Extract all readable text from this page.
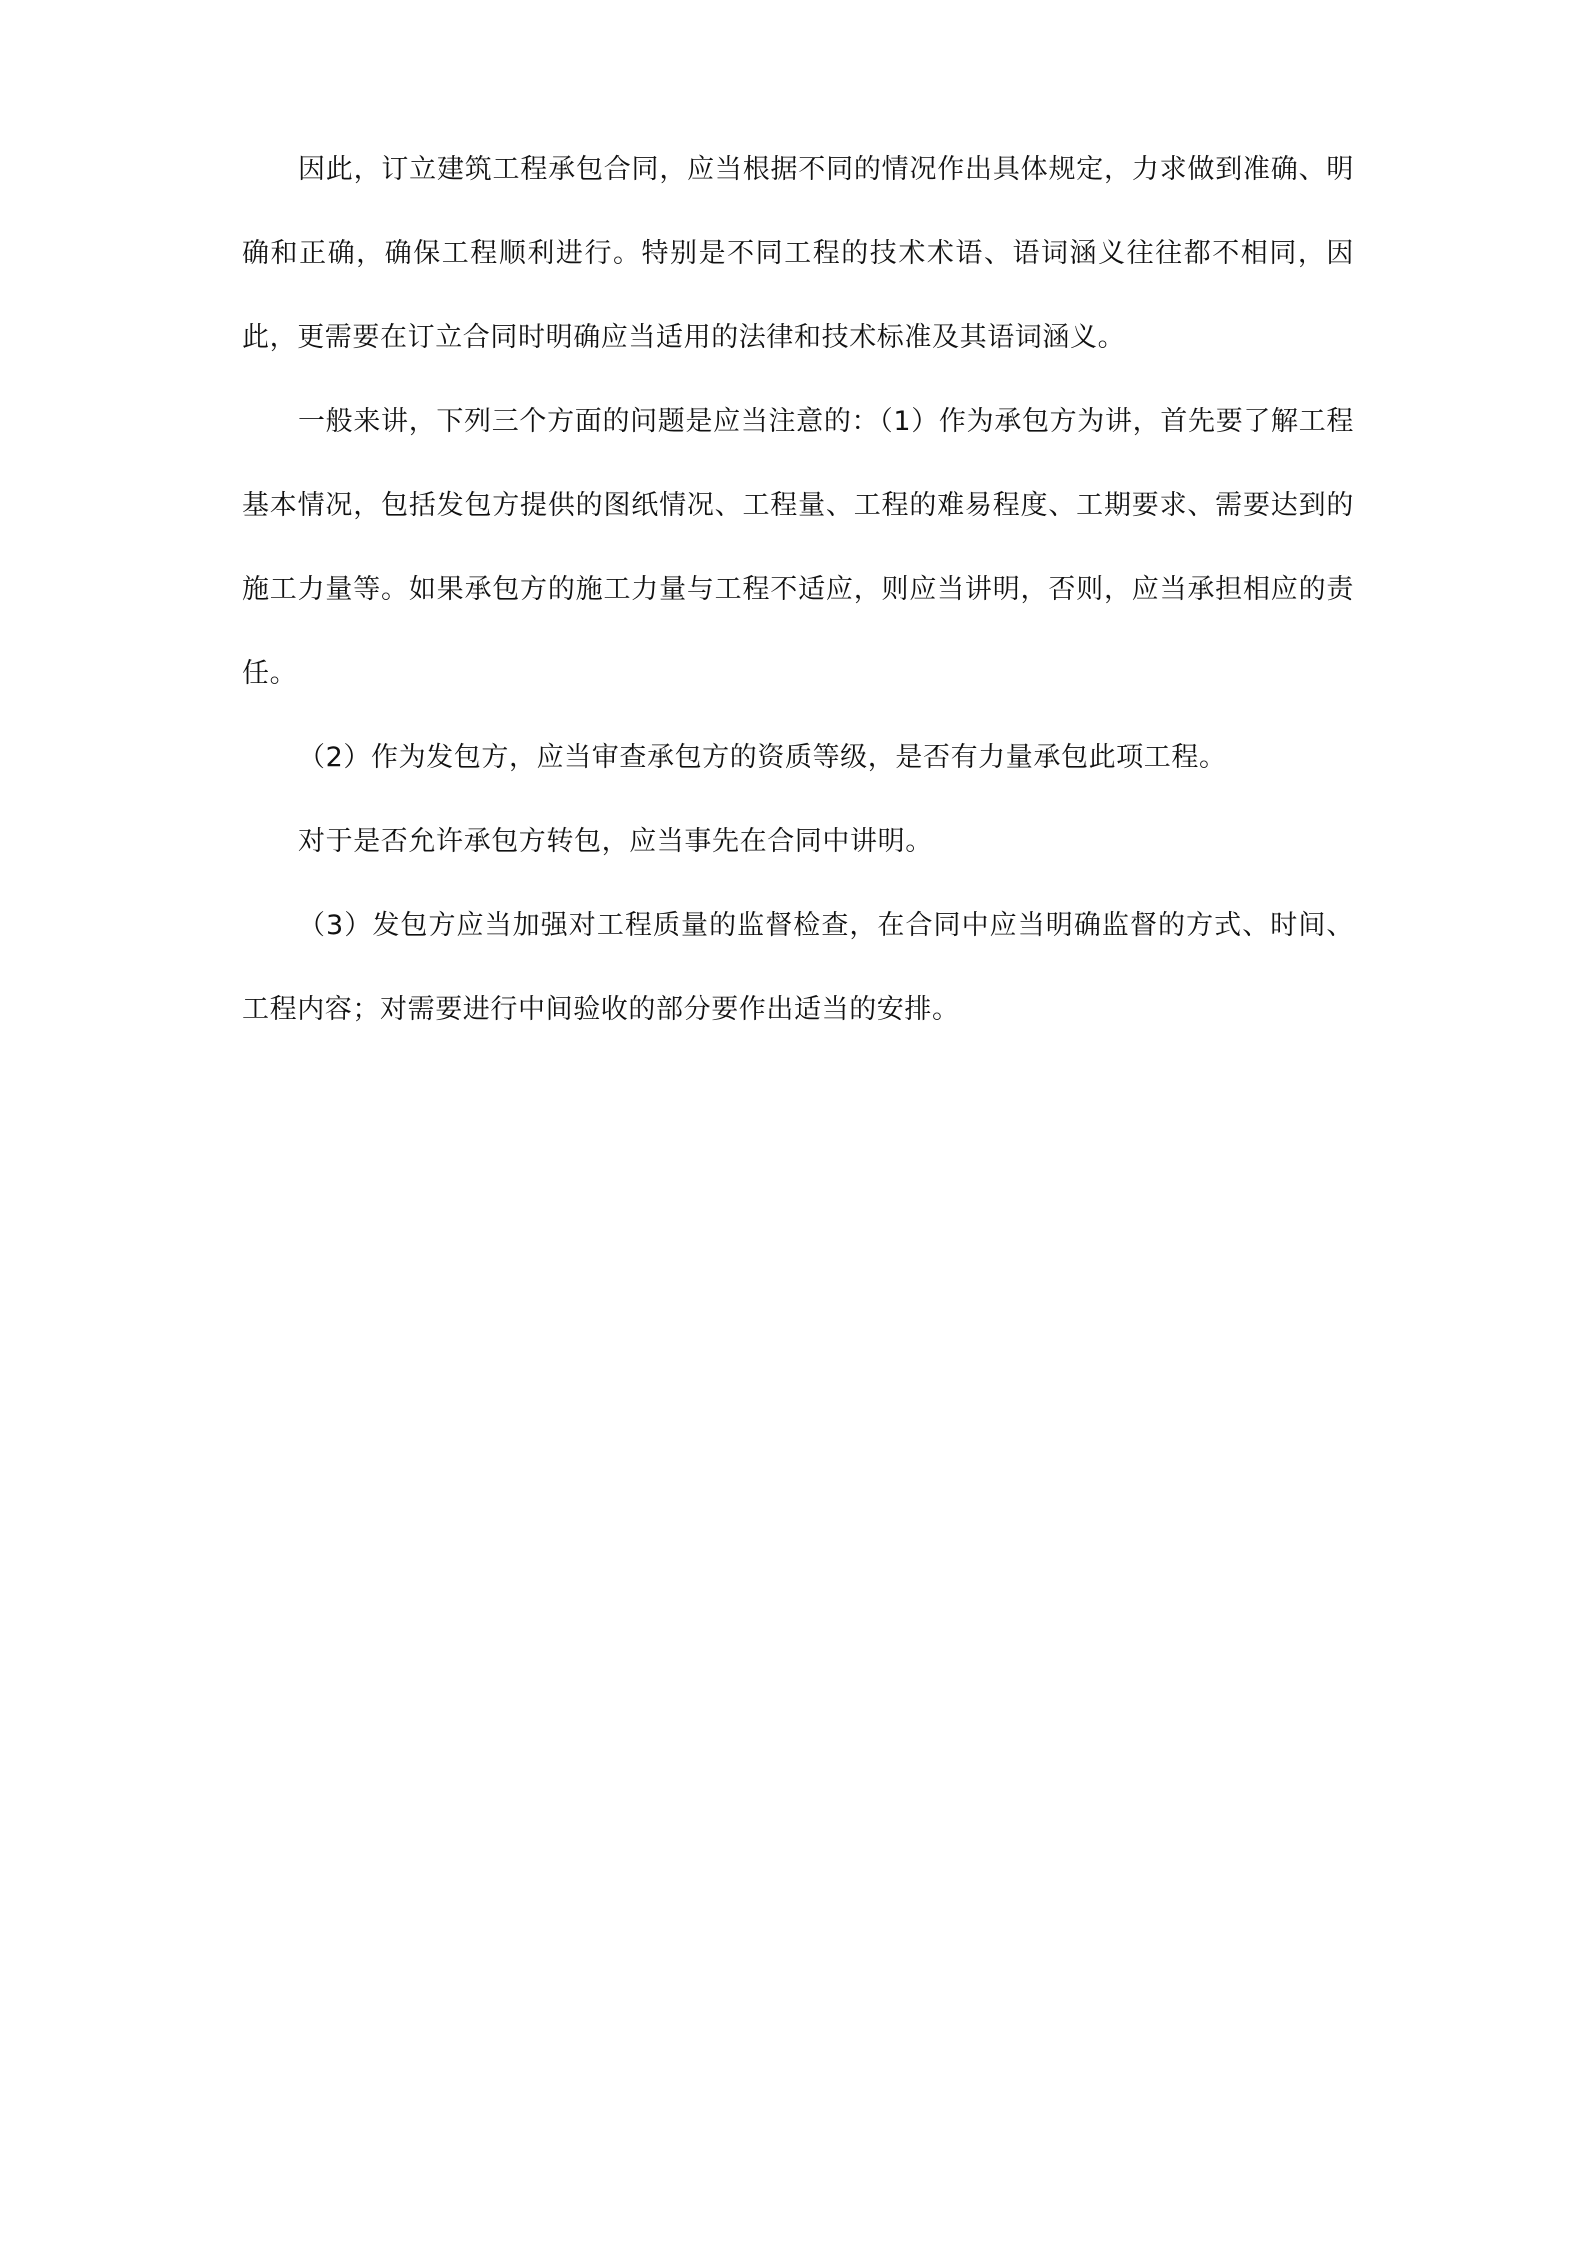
因此，订立建筑工程承包合同，应当根据不同的情况作出具体规定，力求做到准确、明确和正确，确保工程顺利进行。特别是不同工程的技术术语、语词涵义往往都不相同，因此，更需要在订立合同时明确应当适用的法律和技术标准及其语词涵义。

一般来讲，下列三个方面的问题是应当注意的：（1）作为承包方为讲，首先要了解工程基本情况，包括发包方提供的图纸情况、工程量、工程的难易程度、工期要求、需要达到的施工力量等。如果承包方的施工力量与工程不适应，则应当讲明，否则，应当承担相应的责任。

（2）作为发包方，应当审查承包方的资质等级，是否有力量承包此项工程。

对于是否允许承包方转包，应当事先在合同中讲明。

（3）发包方应当加强对工程质量的监督检查，在合同中应当明确监督的方式、时间、工程内容；对需要进行中间验收的部分要作出适当的安排。
